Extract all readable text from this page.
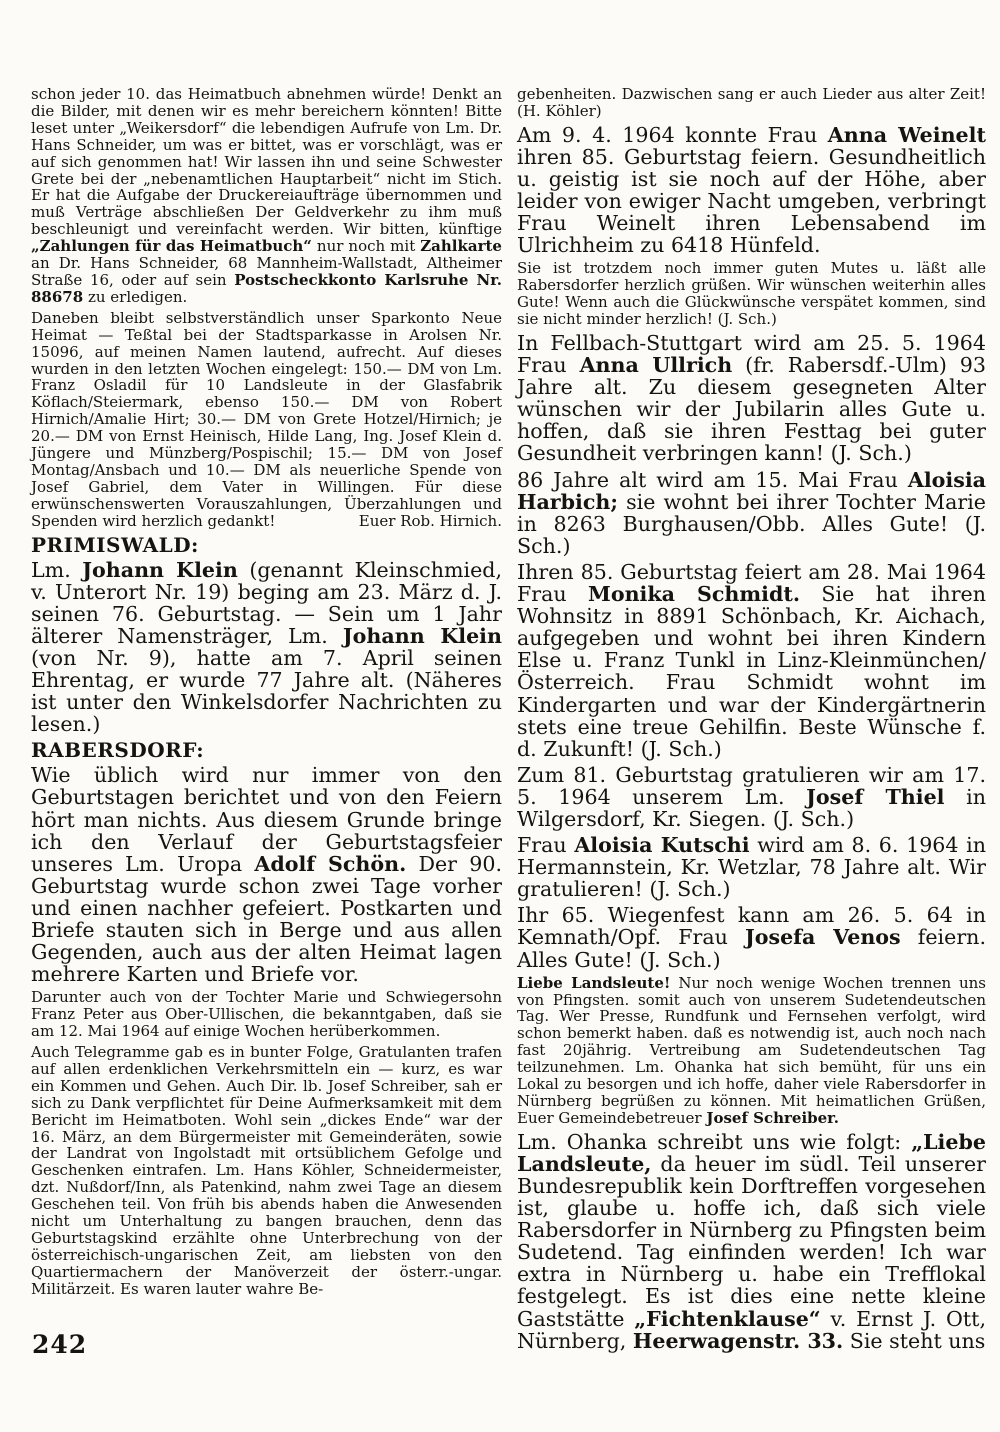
schon jeder 10. das Heimatbuch abnehmen würde! Denkt an die Bilder, mit denen wir es mehr bereichern könnten! Bitte leset unter „Weikersdorf“ die lebendigen Aufrufe von Lm. Dr. Hans Schneider, um was er bittet, was er vorschlägt, was er auf sich genommen hat! Wir lassen ihn und seine Schwester Grete bei der „nebenamtlichen Hauptarbeit“ nicht im Stich. Er hat die Aufgabe der Druckereiaufträge übernommen und muß Verträge abschließen Der Geldverkehr zu ihm muß beschleunigt und vereinfacht werden. Wir bitten, künftige „Zahlungen für das Heimatbuch“ nur noch mit Zahlkarte an Dr. Hans Schneider, 68 Mannheim-Wallstadt, Altheimer Straße 16, oder auf sein Postscheckkonto Karlsruhe Nr. 88678 zu erledigen.

Daneben bleibt selbstverständlich unser Sparkonto Neue Heimat — Teßtal bei der Stadtsparkasse in Arolsen Nr. 15096, auf meinen Namen lautend, aufrecht. Auf dieses wurden in den letzten Wochen eingelegt: 150.— DM von Lm. Franz Osladil für 10 Landsleute in der Glasfabrik Köflach/Steiermark, ebenso 150.— DM von Robert Hirnich/Amalie Hirt; 30.— DM von Grete Hotzel/Hirnich; je 20.— DM von Ernst Heinisch, Hilde Lang, Ing. Josef Klein d. Jüngere und Münzberg/Pospischil; 15.— DM von Josef Montag/Ansbach und 10.— DM als neuerliche Spende von Josef Gabriel, dem Vater in Willingen. Für diese erwünschenswerten Vorauszahlungen, Überzahlungen und Spenden wird herzlich gedankt!	Euer Rob. Hirnich.

PRIMISWALD:

Lm. Johann Klein (genannt Kleinschmied, v. Unterort Nr. 19) beging am 23. März d. J. seinen 76. Geburtstag. — Sein um 1 Jahr älterer Namensträger, Lm. Johann Klein (von Nr. 9), hatte am 7. April seinen Ehrentag, er wurde 77 Jahre alt. (Näheres ist unter den Winkelsdorfer Nachrichten zu lesen.)

RABERSDORF:

Wie üblich wird nur immer von den Geburtstagen berichtet und von den Feiern hört man nichts. Aus diesem Grunde bringe ich den Verlauf der Geburtstagsfeier unseres Lm. Uropa Adolf Schön. Der 90. Geburtstag wurde schon zwei Tage vorher und einen nachher gefeiert. Postkarten und Briefe stauten sich in Berge und aus allen Gegenden, auch aus der alten Heimat lagen mehrere Karten und Briefe vor.

Darunter auch von der Tochter Marie und Schwiegersohn Franz Peter aus Ober-Ullischen, die bekanntgaben, daß sie am 12. Mai 1964 auf einige Wochen herüberkommen.

Auch Telegramme gab es in bunter Folge, Gratulanten trafen auf allen erdenklichen Verkehrsmitteln ein — kurz, es war ein Kommen und Gehen. Auch Dir. lb. Josef Schreiber, sah er sich zu Dank verpflichtet für Deine Aufmerksamkeit mit dem Bericht im Heimatboten. Wohl sein „dickes Ende“ war der 16. März, an dem Bürgermeister mit Gemeinderäten, sowie der Landrat von Ingolstadt mit ortsüblichem Gefolge und Geschenken eintrafen. Lm. Hans Köhler, Schneidermeister, dzt. Nußdorf/Inn, als Patenkind, nahm zwei Tage an diesem Geschehen teil. Von früh bis abends haben die Anwesenden nicht um Unterhaltung zu bangen brauchen, denn das Geburtstagskind erzählte ohne Unterbrechung von der österreichisch-ungarischen Zeit, am liebsten von den Quartiermachern der Manöverzeit der österr.-ungar. Militärzeit. Es waren lauter wahre Be-

gebenheiten. Dazwischen sang er auch Lieder aus alter Zeit! (H. Köhler)

Am 9. 4. 1964 konnte Frau Anna Weinelt ihren 85. Geburtstag feiern. Gesundheitlich u. geistig ist sie noch auf der Höhe, aber leider von ewiger Nacht umgeben, verbringt Frau Weinelt ihren Lebensabend im Ulrichheim zu 6418 Hünfeld.

Sie ist trotzdem noch immer guten Mutes u. läßt alle Rabersdorfer herzlich grüßen. Wir wünschen weiterhin alles Gute! Wenn auch die Glückwünsche verspätet kommen, sind sie nicht minder herzlich! (J. Sch.)

In Fellbach-Stuttgart wird am 25. 5. 1964 Frau Anna Ullrich (fr. Rabersdf.-Ulm) 93 Jahre alt. Zu diesem gesegneten Alter wünschen wir der Jubilarin alles Gute u. hoffen, daß sie ihren Festtag bei guter Gesundheit verbringen kann! (J. Sch.)

86 Jahre alt wird am 15. Mai Frau Aloisia Harbich; sie wohnt bei ihrer Tochter Marie in 8263 Burghausen/Obb. Alles Gute! (J. Sch.)

Ihren 85. Geburtstag feiert am 28. Mai 1964 Frau Monika Schmidt. Sie hat ihren Wohnsitz in 8891 Schönbach, Kr. Aichach, aufgegeben und wohnt bei ihren Kindern Else u. Franz Tunkl in Linz-Kleinmünchen/Österreich. Frau Schmidt wohnt im Kindergarten und war der Kindergärtnerin stets eine treue Gehilfin. Beste Wünsche f. d. Zukunft! (J. Sch.)

Zum 81. Geburtstag gratulieren wir am 17. 5. 1964 unserem Lm. Josef Thiel in Wilgersdorf, Kr. Siegen. (J. Sch.)

Frau Aloisia Kutschi wird am 8. 6. 1964 in Hermannstein, Kr. Wetzlar, 78 Jahre alt. Wir gratulieren! (J. Sch.)

Ihr 65. Wiegenfest kann am 26. 5. 64 in Kemnath/Opf. Frau Josefa Venos feiern. Alles Gute! (J. Sch.)

Liebe Landsleute! Nur noch wenige Wochen trennen uns von Pfingsten. somit auch von unserem Sudetendeutschen Tag. Wer Presse, Rundfunk und Fernsehen verfolgt, wird schon bemerkt haben. daß es notwendig ist, auch noch nach fast 20jährig. Vertreibung am Sudetendeutschen Tag teilzunehmen. Lm. Ohanka hat sich bemüht, für uns ein Lokal zu besorgen und ich hoffe, daher viele Rabersdorfer in Nürnberg begrüßen zu können. Mit heimatlichen Grüßen, Euer Gemeindebetreuer Josef Schreiber.

Lm. Ohanka schreibt uns wie folgt: „Liebe Landsleute, da heuer im südl. Teil unserer Bundesrepublik kein Dorftreffen vorgesehen ist, glaube u. hoffe ich, daß sich viele Rabersdorfer in Nürnberg zu Pfingsten beim Sudetend. Tag einfinden werden! Ich war extra in Nürnberg u. habe ein Trefflokal festgelegt. Es ist dies eine nette kleine Gaststätte „Fichtenklause“ v. Ernst J. Ott, Nürnberg, Heerwagenstr. 33. Sie steht uns

242
